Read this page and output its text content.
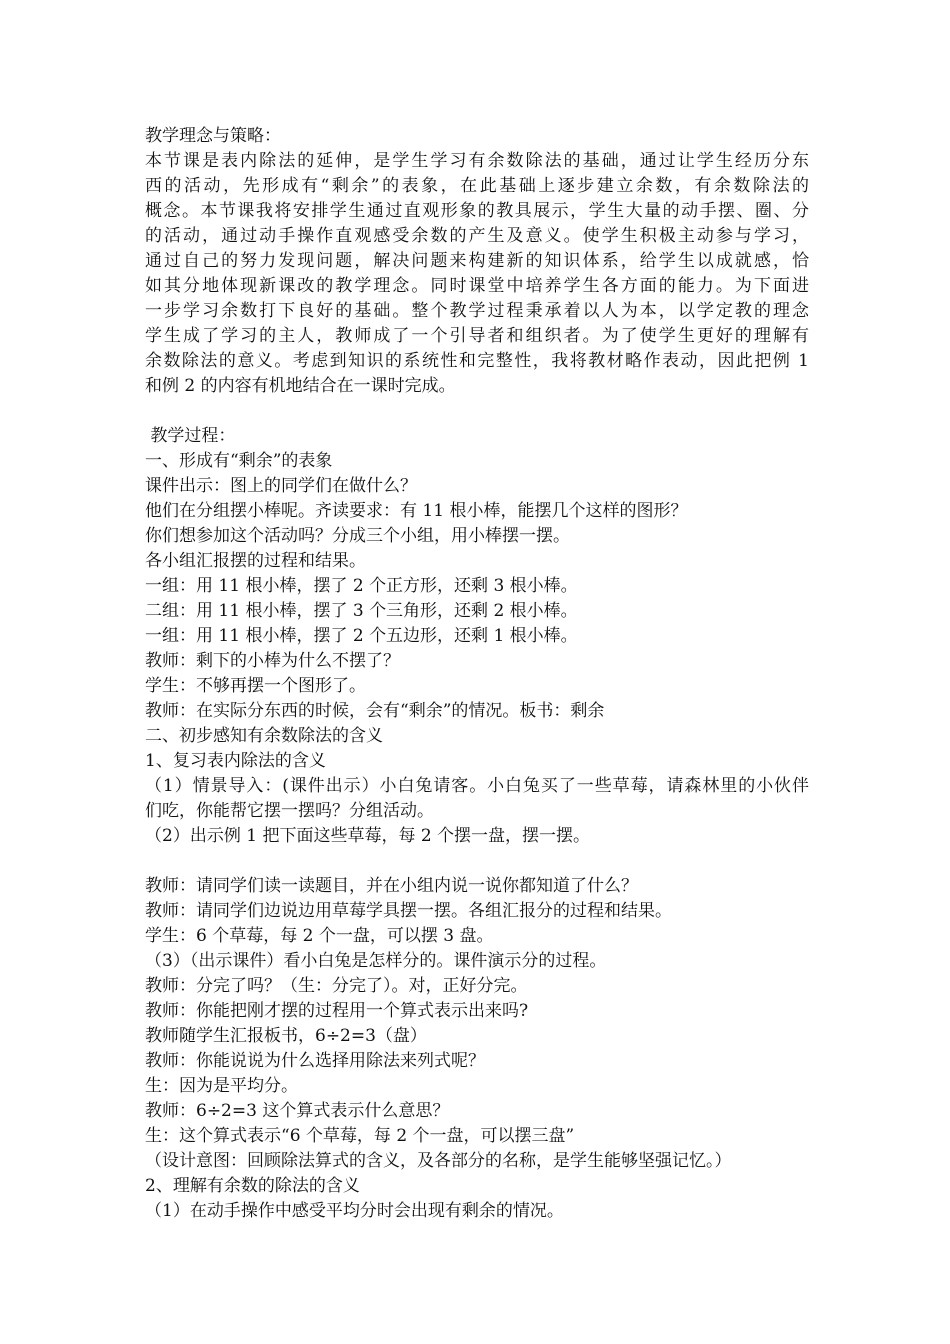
教学理念与策略：
本节课是表内除法的延伸，是学生学习有余数除法的基础，通过让学生经历分东
西的活动，先形成有“剩余”的表象，在此基础上逐步建立余数，有余数除法的
概念。本节课我将安排学生通过直观形象的教具展示，学生大量的动手摆、圈、分
的活动，通过动手操作直观感受余数的产生及意义。使学生积极主动参与学习，
通过自己的努力发现问题，解决问题来构建新的知识体系，给学生以成就感，恰
如其分地体现新课改的教学理念。同时课堂中培养学生各方面的能力。为下面进
一步学习余数打下良好的基础。整个教学过程秉承着以人为本，以学定教的理念
学生成了学习的主人，教师成了一个引导者和组织者。为了使学生更好的理解有
余数除法的意义。考虑到知识的系统性和完整性，我将教材略作表动，因此把例 1
和例 2 的内容有机地结合在一课时完成。
教学过程：
一、形成有“剩余”的表象
课件出示：图上的同学们在做什么？
他们在分组摆小棒呢。齐读要求：有 11 根小棒，能摆几个这样的图形？
你们想参加这个活动吗？分成三个小组，用小棒摆一摆。
各小组汇报摆的过程和结果。
一组：用 11 根小棒，摆了 2 个正方形，还剩 3 根小棒。
二组：用 11 根小棒，摆了 3 个三角形，还剩 2 根小棒。
一组：用 11 根小棒，摆了 2 个五边形，还剩 1 根小棒。
教师：剩下的小棒为什么不摆了？
学生：不够再摆一个图形了。
教师：在实际分东西的时候，会有“剩余”的情况。板书：剩余
二、初步感知有余数除法的含义
1、复习表内除法的含义
（1）情景导入：(课件出示）小白兔请客。小白兔买了一些草莓，请森林里的小伙伴
们吃，你能帮它摆一摆吗？分组活动。
（2）出示例 1 把下面这些草莓，每 2 个摆一盘，摆一摆。
教师：请同学们读一读题目，并在小组内说一说你都知道了什么？
教师：请同学们边说边用草莓学具摆一摆。各组汇报分的过程和结果。
学生：6 个草莓，每 2 个一盘，可以摆 3 盘。
（3）（出示课件）看小白兔是怎样分的。课件演示分的过程。
教师：分完了吗？（生：分完了）。对，正好分完。
教师：你能把刚才摆的过程用一个算式表示出来吗?
教师随学生汇报板书，6÷2=3（盘）
教师：你能说说为什么选择用除法来列式呢？
生：因为是平均分。
教师：6÷2=3 这个算式表示什么意思？
生：这个算式表示“6 个草莓，每 2 个一盘，可以摆三盘”
（设计意图：回顾除法算式的含义，及各部分的名称，是学生能够坚强记忆。）
2、理解有余数的除法的含义
（1）在动手操作中感受平均分时会出现有剩余的情况。
